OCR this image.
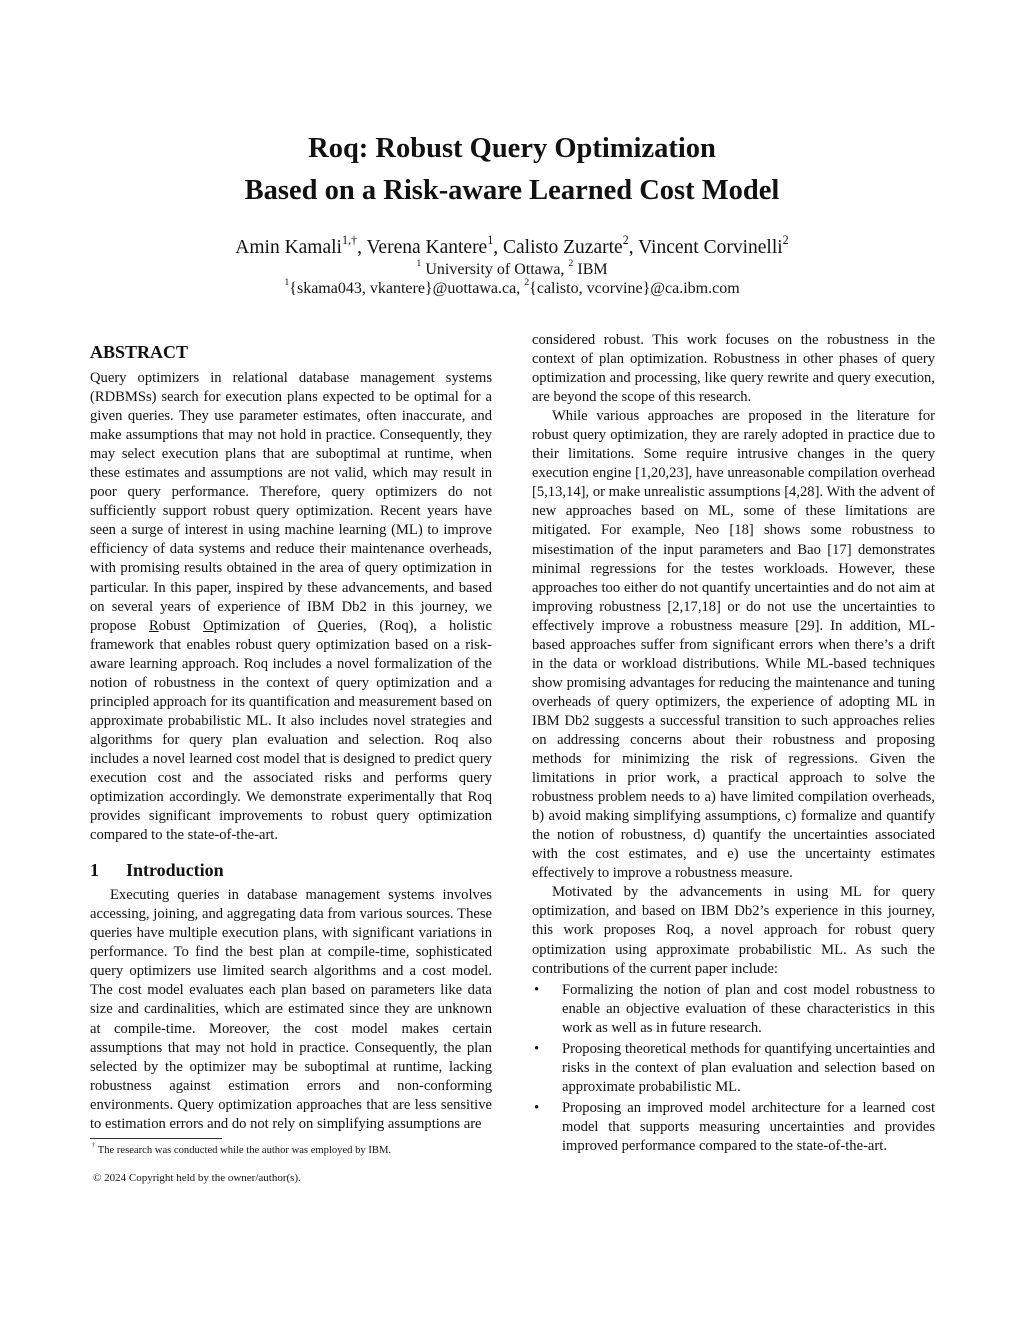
Roq: Robust Query Optimization
Based on a Risk-aware Learned Cost Model
Amin Kamali$^{1,\dagger}$, Verena Kantere$^1$, Calisto Zuzarte$^2$, Vincent Corvinelli$^2$
$^1$ University of Ottawa, $^2$ IBM
$^1${skama043, vkantere}@uottawa.ca, $^2${calisto, vcorvine}@ca.ibm.com
ABSTRACT

Query optimizers in relational database management systems (RDBMSs) search for execution plans expected to be optimal for a given queries. They use parameter estimates, often inaccurate, and make assumptions that may not hold in practice. Consequently, they may select execution plans that are suboptimal at runtime, when these estimates and assumptions are not valid, which may result in poor query performance. Therefore, query optimizers do not sufficiently support robust query optimization. Recent years have seen a surge of interest in using machine learning (ML) to improve efficiency of data systems and reduce their maintenance overheads, with promising results obtained in the area of query optimization in particular. In this paper, inspired by these advancements, and based on several years of experience of IBM Db2 in this journey, we propose Robust Optimization of Queries, (Roq), a holistic framework that enables robust query optimization based on a risk-aware learning approach. Roq includes a novel formalization of the notion of robustness in the context of query optimization and a principled approach for its quantification and measurement based on approximate probabilistic ML. It also includes novel strategies and algorithms for query plan evaluation and selection. Roq also includes a novel learned cost model that is designed to predict query execution cost and the associated risks and performs query optimization accordingly. We demonstrate experimentally that Roq provides significant improvements to robust query optimization compared to the state-of-the-art.

1	Introduction

Executing queries in database management systems involves accessing, joining, and aggregating data from various sources. These queries have multiple execution plans, with significant variations in performance. To find the best plan at compile-time, sophisticated query optimizers use limited search algorithms and a cost model. The cost model evaluates each plan based on parameters like data size and cardinalities, which are estimated since they are unknown at compile-time. Moreover, the cost model makes certain assumptions that may not hold in practice. Consequently, the plan selected by the optimizer may be suboptimal at runtime, lacking robustness against estimation errors and non-conforming environments. Query optimization approaches that are less sensitive to estimation errors and do not rely on simplifying assumptions are

considered robust. This work focuses on the robustness in the context of plan optimization. Robustness in other phases of query optimization and processing, like query rewrite and query execution, are beyond the scope of this research.

While various approaches are proposed in the literature for robust query optimization, they are rarely adopted in practice due to their limitations. Some require intrusive changes in the query execution engine [1,20,23], have unreasonable compilation overhead [5,13,14], or make unrealistic assumptions [4,28]. With the advent of new approaches based on ML, some of these limitations are mitigated. For example, Neo [18] shows some robustness to misestimation of the input parameters and Bao [17] demonstrates minimal regressions for the testes workloads. However, these approaches too either do not quantify uncertainties and do not aim at improving robustness [2,17,18] or do not use the uncertainties to effectively improve a robustness measure [29]. In addition, ML-based approaches suffer from significant errors when there’s a drift in the data or workload distributions. While ML-based techniques show promising advantages for reducing the maintenance and tuning overheads of query optimizers, the experience of adopting ML in IBM Db2 suggests a successful transition to such approaches relies on addressing concerns about their robustness and proposing methods for minimizing the risk of regressions. Given the limitations in prior work, a practical approach to solve the robustness problem needs to a) have limited compilation overheads, b) avoid making simplifying assumptions, c) formalize and quantify the notion of robustness, d) quantify the uncertainties associated with the cost estimates, and e) use the uncertainty estimates effectively to improve a robustness measure.

Motivated by the advancements in using ML for query optimization, and based on IBM Db2’s experience in this journey, this work proposes Roq, a novel approach for robust query optimization using approximate probabilistic ML. As such the contributions of the current paper include:

• Formalizing the notion of plan and cost model robustness to enable an objective evaluation of these characteristics in this work as well as in future research.
• Proposing theoretical methods for quantifying uncertainties and risks in the context of plan evaluation and selection based on approximate probabilistic ML.
• Proposing an improved model architecture for a learned cost model that supports measuring uncertainties and provides improved performance compared to the state-of-the-art.
† The research was conducted while the author was employed by IBM.
© 2024 Copyright held by the owner/author(s).
